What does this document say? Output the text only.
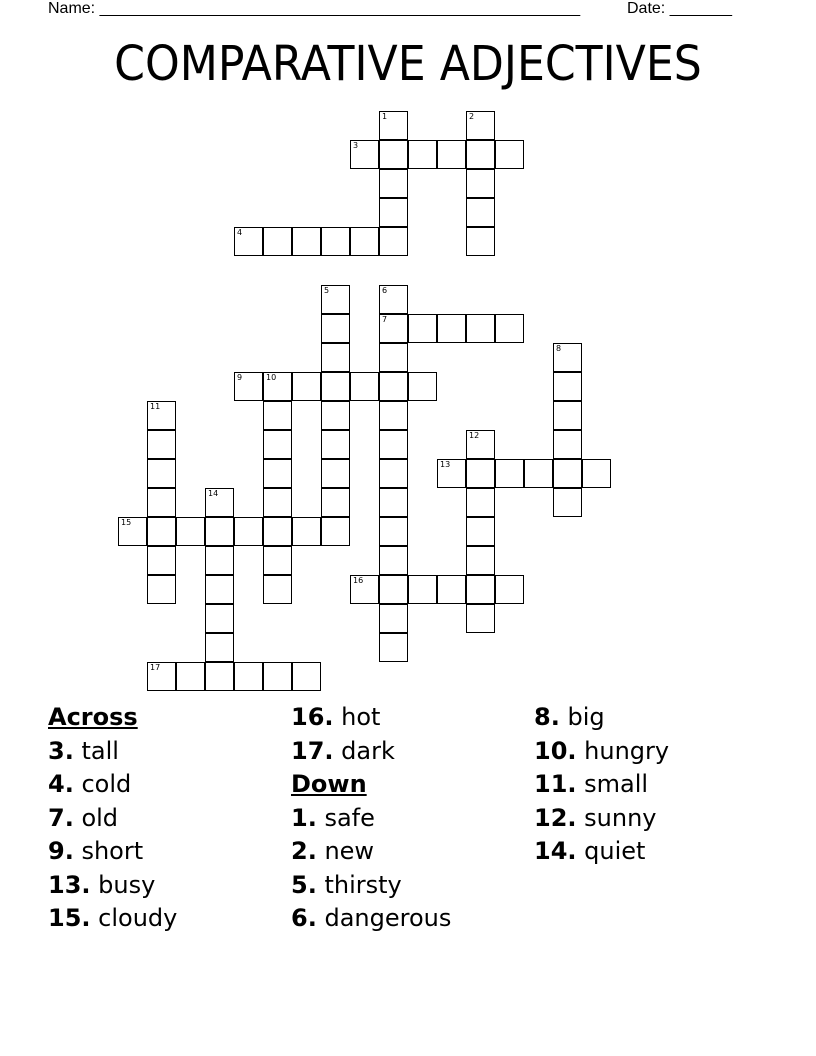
Name: ______________________________________________________	Date: _______
COMPARATIVE ADJECTIVES
1	2
3
4
5	6
7
8
9	10
11
12
13
14
15
16
17
Across
3. tall
4. cold
7. old
9. short
13. busy
15. cloudy
16. hot
17. dark
Down
1. safe
2. new
5. thirsty
6. dangerous
8. big
10. hungry
11. small
12. sunny
14. quiet
